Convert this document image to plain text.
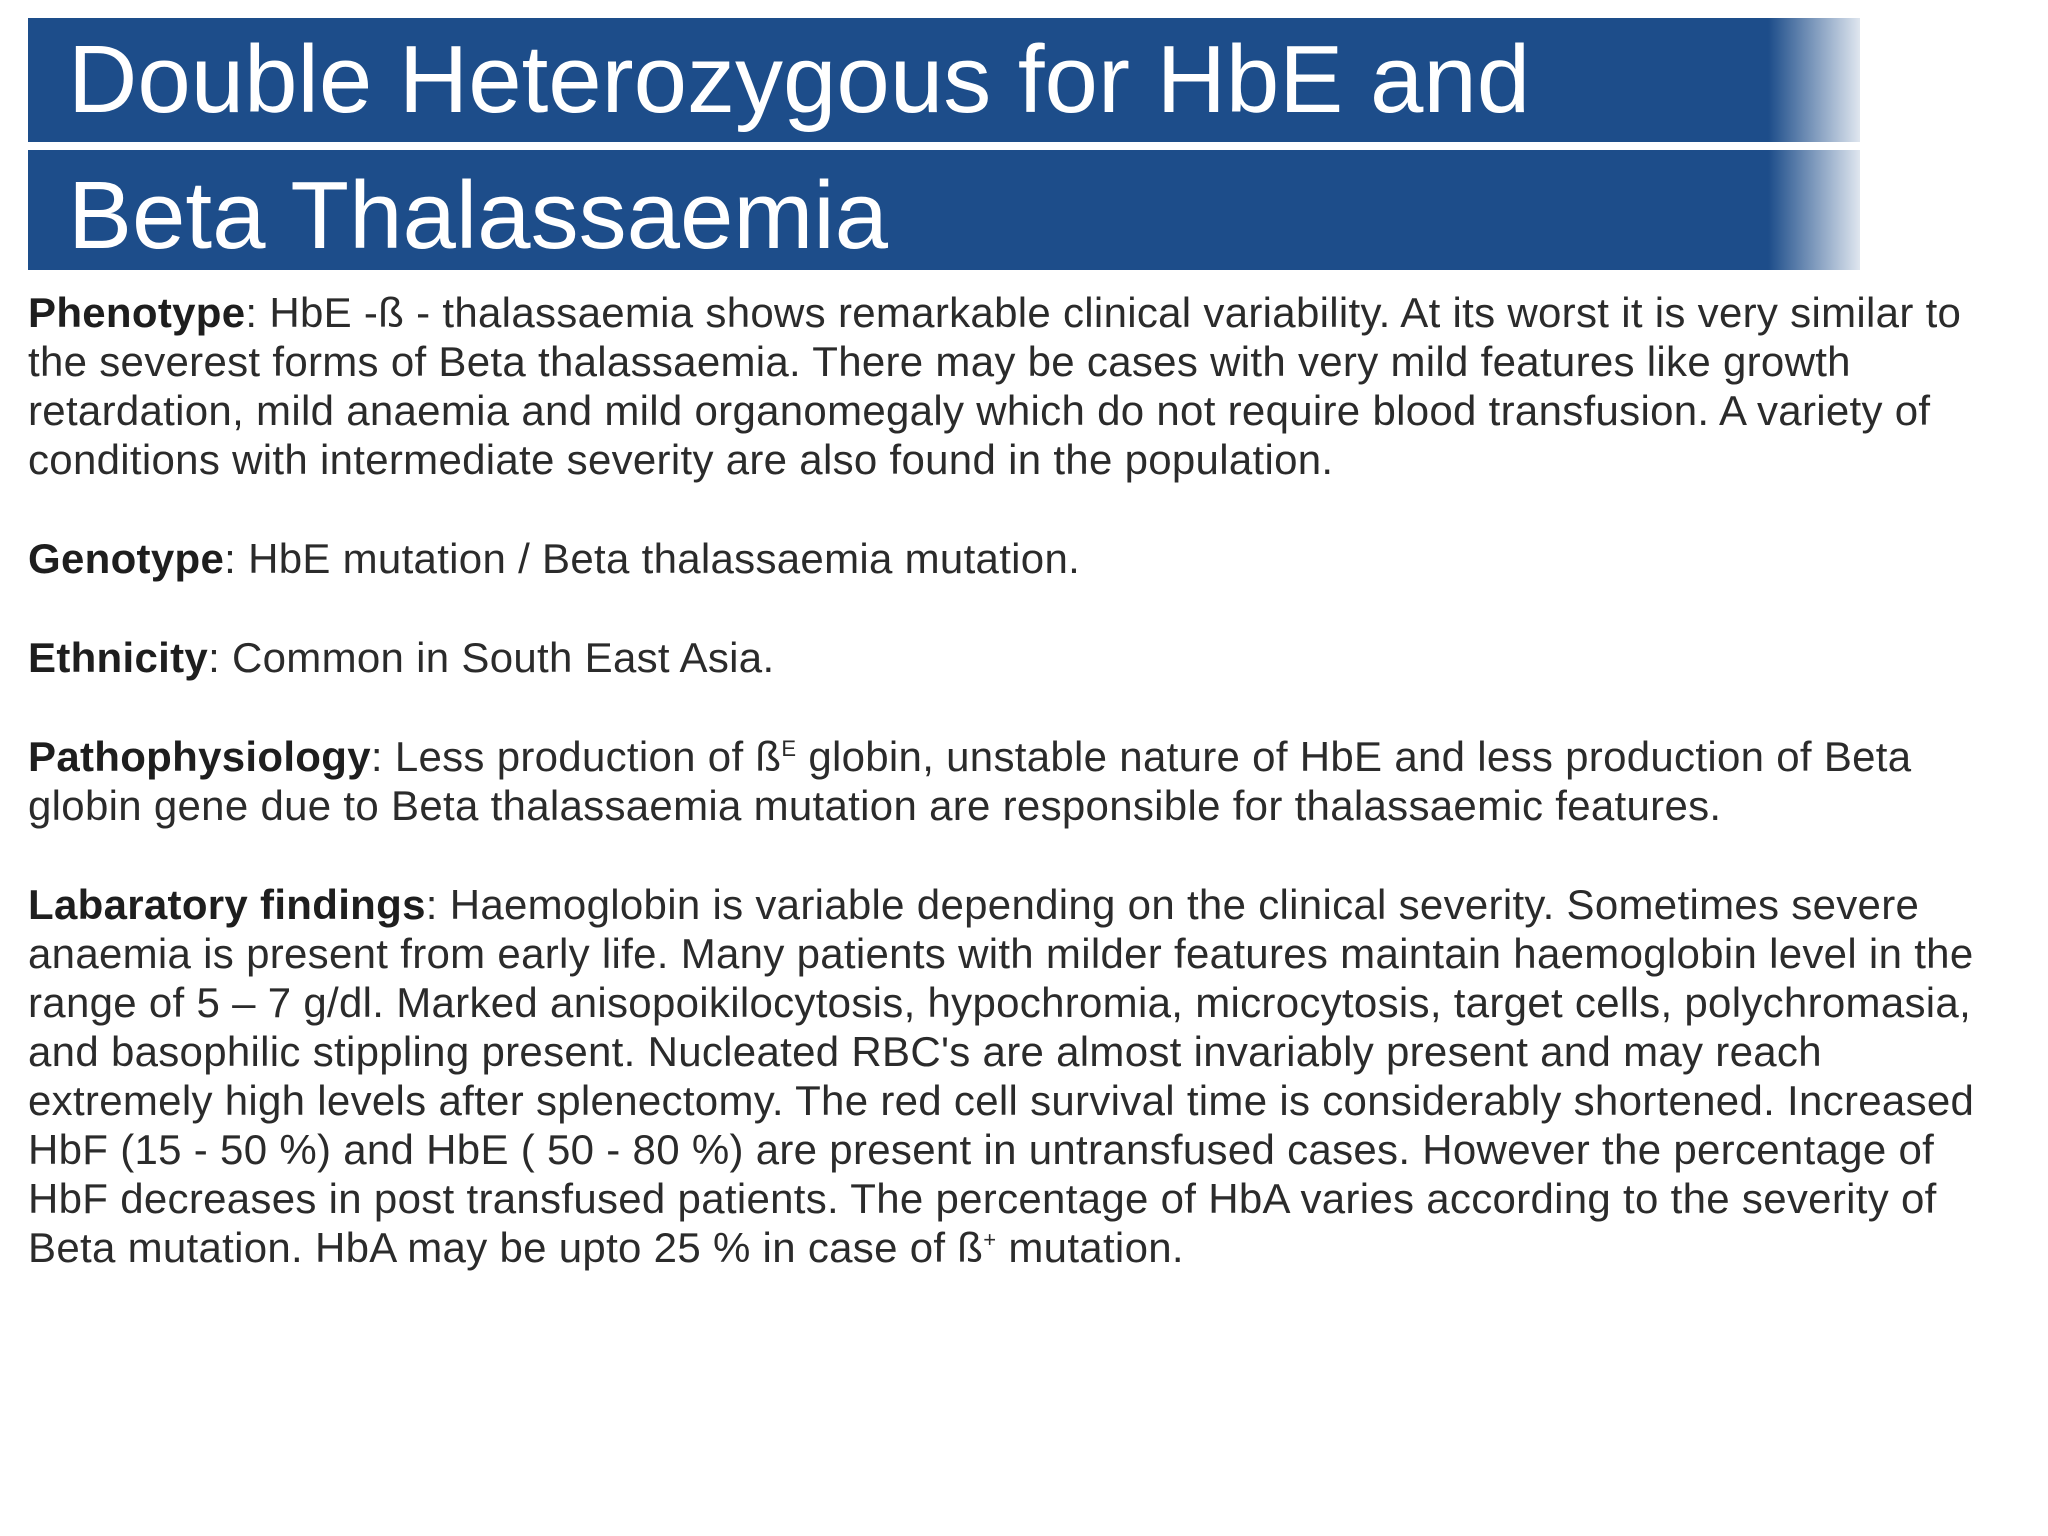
Double Heterozygous for HbE and
Beta Thalassaemia

Phenotype: HbE -ß - thalassaemia shows remarkable clinical variability. At its worst it is very similar to the severest forms of Beta thalassaemia. There may be cases with very mild features like growth retardation, mild anaemia and mild organomegaly which do not require blood transfusion. A variety of conditions with intermediate severity are also found in the population.

Genotype: HbE mutation / Beta thalassaemia mutation.

Ethnicity: Common in South East Asia.

Pathophysiology: Less production of $ß^E$ globin, unstable nature of HbE and less production of Beta globin gene due to Beta thalassaemia mutation are responsible for thalassaemic features.

Labaratory findings: Haemoglobin is variable depending on the clinical severity. Sometimes severe anaemia is present from early life. Many patients with milder features maintain haemoglobin level in the range of 5 – 7 g/dl. Marked anisopoikilocytosis, hypochromia, microcytosis, target cells, polychromasia, and basophilic stippling present. Nucleated RBC's are almost invariably present and may reach extremely high levels after splenectomy. The red cell survival time is considerably shortened. Increased HbF (15 - 50 %) and HbE ( 50 - 80 %) are present in untransfused cases. However the percentage of HbF decreases in post transfused patients. The percentage of HbA varies according to the severity of Beta mutation. HbA may be upto 25 % in case of ß+ mutation.
